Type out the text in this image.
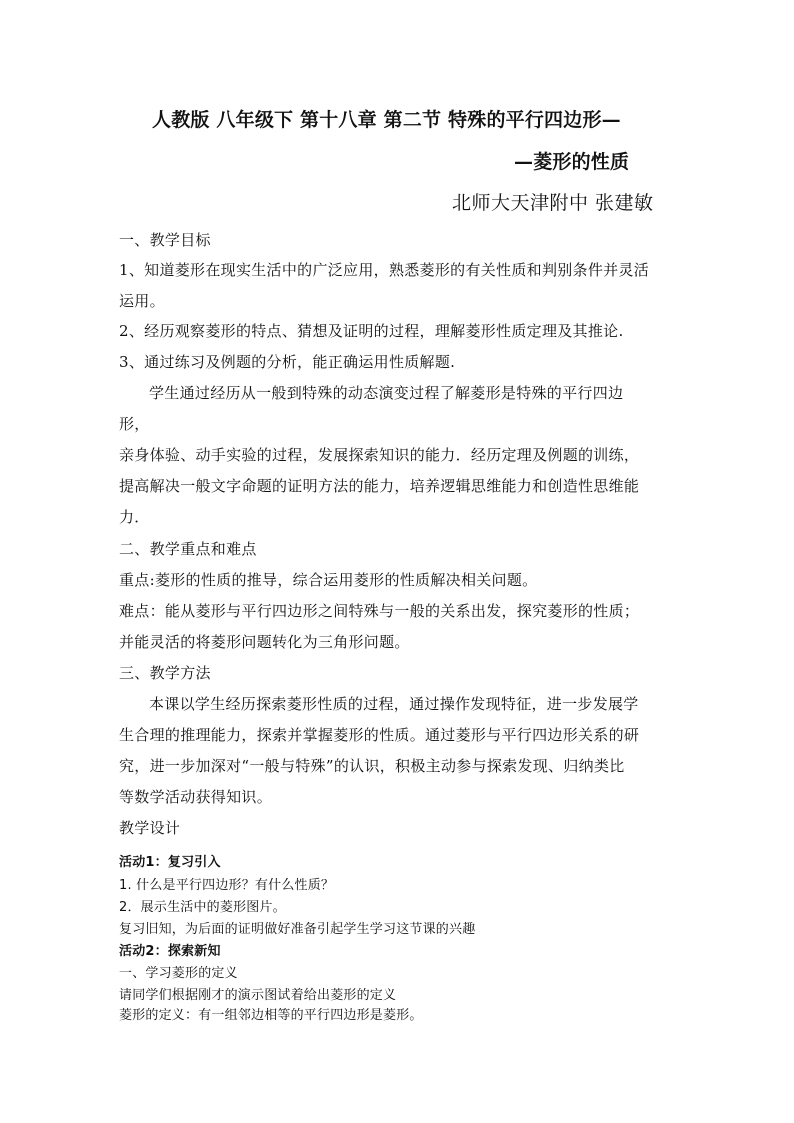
人教版 八年级下 第十八章 第二节 特殊的平行四边形—
—菱形的性质
北师大天津附中 张建敏
一、教学目标
1、知道菱形在现实生活中的广泛应用，熟悉菱形的有关性质和判别条件并灵活
运用。
2、经历观察菱形的特点、猜想及证明的过程，理解菱形性质定理及其推论.
3、通过练习及例题的分析，能正确运用性质解题.
学生通过经历从一般到特殊的动态演变过程了解菱形是特殊的平行四边
形，
亲身体验、动手实验的过程，发展探索知识的能力．经历定理及例题的训练，
提高解决一般文字命题的证明方法的能力，培养逻辑思维能力和创造性思维能
力．
二、教学重点和难点
重点:菱形的性质的推导，综合运用菱形的性质解决相关问题。
难点：能从菱形与平行四边形之间特殊与一般的关系出发，探究菱形的性质；
并能灵活的将菱形问题转化为三角形问题。
三、教学方法
本课以学生经历探索菱形性质的过程，通过操作发现特征，进一步发展学
生合理的推理能力，探索并掌握菱形的性质。通过菱形与平行四边形关系的研
究，进一步加深对“一般与特殊”的认识，积极主动参与探索发现、归纳类比
等数学活动获得知识。
教学设计
活动1：复习引入
1. 什么是平行四边形？有什么性质？
2．展示生活中的菱形图片。
复习旧知，为后面的证明做好准备引起学生学习这节课的兴趣
活动2：探索新知
一、学习菱形的定义
请同学们根据刚才的演示图试着给出菱形的定义
菱形的定义：有一组邻边相等的平行四边形是菱形。
